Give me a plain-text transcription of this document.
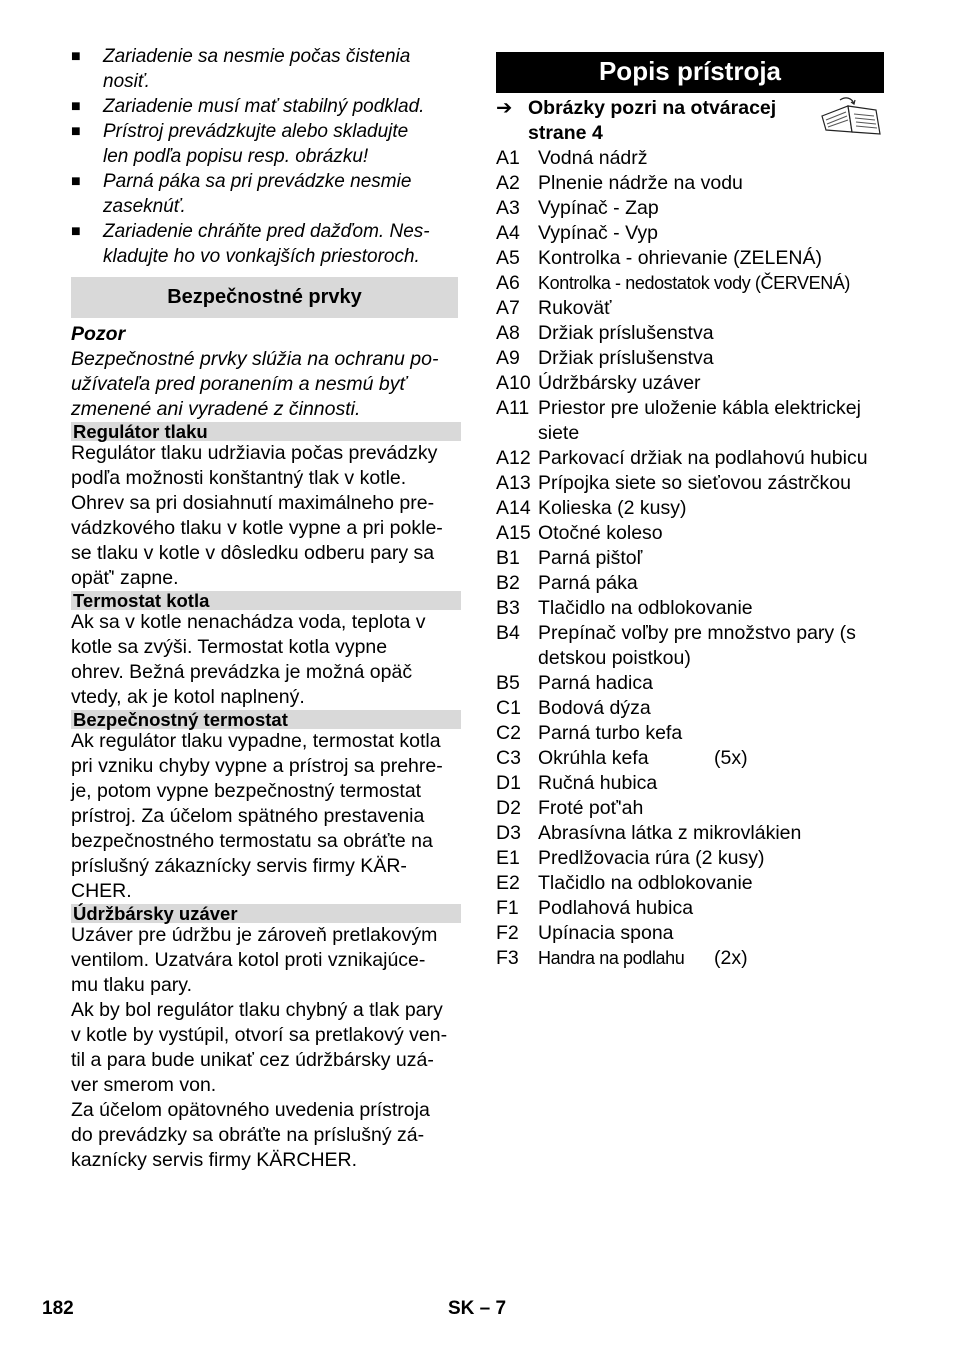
■	Zariadenie sa nesmie počas čistenia nosiť.
■	Zariadenie musí mať stabilný podklad.
■	Prístroj prevádzkujte alebo skladujte
len podľa popisu resp. obrázku!
■	Parná páka sa pri prevádzke nesmie
zaseknúť.
■	Zariadenie chráňte pred dažďom. Nes-
kladujte ho vo vonkajších priestoroch.
Bezpečnostné prvky
Pozor
Bezpečnostné prvky slúžia na ochranu po-
užívateľa pred poranením a nesmú byť
zmenené ani vyradené z činnosti.
Regulátor tlaku
Regulátor tlaku udržiavia počas prevádzky
podľa možnosti konštantný tlak v kotle.
Ohrev sa pri dosiahnutí maximálneho pre-
vádzkového tlaku v kotle vypne a pri pokle-
se tlaku v kotle v dôsledku odberu pary sa
opäť' zapne.
Termostat kotla
Ak sa v kotle nenachádza voda, teplota v
kotle sa zvýši. Termostat kotla vypne
ohrev. Bežná prevádzka je možná opäč
vtedy, ak je kotol naplnený.
Bezpečnostný termostat
Ak regulátor tlaku vypadne, termostat kotla
pri vzniku chyby vypne a prístroj sa prehre-
je, potom vypne bezpečnostný termostat
prístroj. Za účelom spätného prestavenia
bezpečnostného termostatu sa obráťte na
príslušný zákaznícky servis firmy KÄR-
CHER.
Údržbársky uzáver
Uzáver pre údržbu je zároveň pretlakovým
ventilom. Uzatvára kotol proti vznikajúce-
mu tlaku pary.
Ak by bol regulátor tlaku chybný a tlak pary
v kotle by vystúpil, otvorí sa pretlakový ven-
til a para bude unikať cez údržbársky uzá-
ver smerom von.
Za účelom opätovného uvedenia prístroja
do prevádzky sa obráťte na príslušný zá-
kaznícky servis firmy KÄRCHER.
Popis prístroja
➔ Obrázky pozri na otváracej
strane 4
A1 Vodná nádrž
A2 Plnenie nádrže na vodu
A3 Vypínač - Zap
A4 Vypínač - Vyp
A5 Kontrolka - ohrievanie (ZELENÁ)
A6	Kontrolka - nedostatok vody (ČERVENÁ)
A7 Rukoväť
A8 Držiak príslušenstva
A9 Držiak príslušenstva
A10 Údržbársky uzáver
A11 Priestor pre uloženie kábla elektrickej
siete
A12 Parkovací držiak na podlahovú hubicu
A13 Prípojka siete so sieťovou zástrčkou
A14 Kolieska (2 kusy)
A15 Otočné koleso
B1 Parná pištoľ
B2 Parná páka
B3 Tlačidlo na odblokovanie
B4 Prepínač voľby pre množstvo pary (s
detskou poistkou)
B5 Parná hadica
C1 Bodová dýza
C2 Parná turbo kefa
C3 Okrúhla kefa	(5x)
D1 Ručná hubica
D2 Froté poť'ah
D3 Abrasívna látka z mikrovlákien
E1 Predlžovacia rúra (2 kusy)
E2 Tlačidlo na odblokovanie
F1 Podlahová hubica
F2 Upínacia spona
F3	Handra na podlahu	(2x)
182	SK – 7
